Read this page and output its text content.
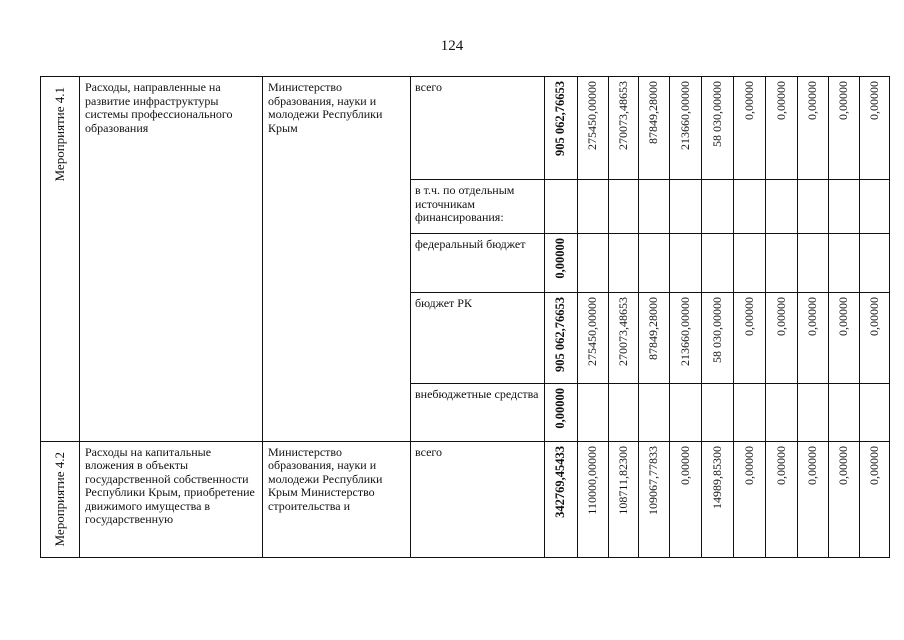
124
Мероприятие 4.1	Расходы, направленные на развитие инфраструктуры системы профессионального образования	Министерство образования, науки и молодежи Республики Крым	всего	905 062,76653	275450,00000	270073,48653	87849,28000	213660,00000	58 030,00000	0,00000	0,00000	0,00000	0,00000	0,00000

			в т.ч. по отдельным источникам финансирования:											

			федеральный бюджет	0,00000										

			бюджет РК	905 062,76653	275450,00000	270073,48653	87849,28000	213660,00000	58 030,00000	0,00000	0,00000	0,00000	0,00000	0,00000

			внебюджетные средства	0,00000										
Мероприятие 4.2	Расходы на капитальные вложения в объекты государственной собственности Республики Крым, приобретение движимого имущества в государственную	Министерство образования, науки и молодежи Республики Крым Министерство строительства и	всего	342769,45433	110000,00000	108711,82300	109067,77833	0,00000	14989,85300	0,00000	0,00000	0,00000	0,00000	0,00000
